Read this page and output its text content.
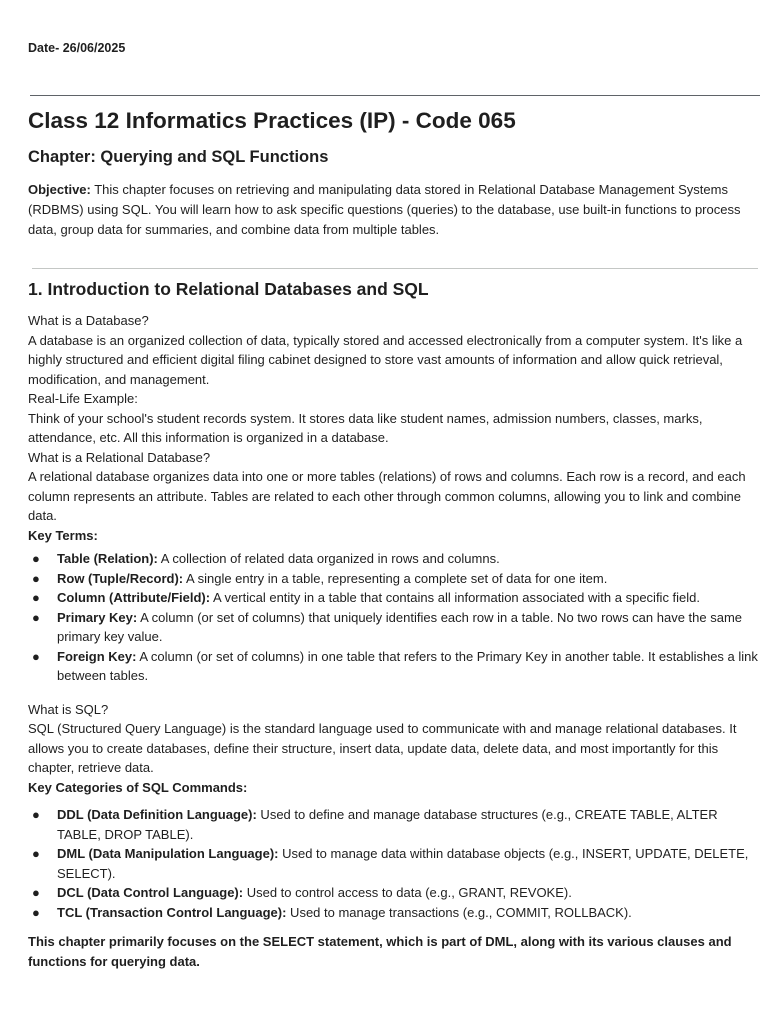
Date- 26/06/2025
Class 12 Informatics Practices (IP) - Code 065
Chapter: Querying and SQL Functions

Objective: This chapter focuses on retrieving and manipulating data stored in Relational Database Management Systems (RDBMS) using SQL. You will learn how to ask specific questions (queries) to the database, use built-in functions to process data, group data for summaries, and combine data from multiple tables.

1. Introduction to Relational Databases and SQL

What is a Database?

A database is an organized collection of data, typically stored and accessed electronically from a computer system. It's like a highly structured and efficient digital filing cabinet designed to store vast amounts of information and allow quick retrieval, modification, and management.

Real-Life Example:

Think of your school's student records system. It stores data like student names, admission numbers, classes, marks, attendance, etc. All this information is organized in a database.

What is a Relational Database?

A relational database organizes data into one or more tables (relations) of rows and columns. Each row is a record, and each column represents an attribute. Tables are related to each other through common columns, allowing you to link and combine data.

Key Terms:

● Table (Relation): A collection of related data organized in rows and columns.
● Row (Tuple/Record): A single entry in a table, representing a complete set of data for one item.
● Column (Attribute/Field): A vertical entity in a table that contains all information associated with a specific field.
● Primary Key: A column (or set of columns) that uniquely identifies each row in a table. No two rows can have the same primary key value.
● Foreign Key: A column (or set of columns) in one table that refers to the Primary Key in another table. It establishes a link between tables.

What is SQL?

SQL (Structured Query Language) is the standard language used to communicate with and manage relational databases. It allows you to create databases, define their structure, insert data, update data, delete data, and most importantly for this chapter, retrieve data.

Key Categories of SQL Commands:

● DDL (Data Definition Language): Used to define and manage database structures (e.g., CREATE TABLE, ALTER TABLE, DROP TABLE).
● DML (Data Manipulation Language): Used to manage data within database objects (e.g., INSERT, UPDATE, DELETE, SELECT).
● DCL (Data Control Language): Used to control access to data (e.g., GRANT, REVOKE).
● TCL (Transaction Control Language): Used to manage transactions (e.g., COMMIT, ROLLBACK).

This chapter primarily focuses on the SELECT statement, which is part of DML, along with its various clauses and functions for querying data.
